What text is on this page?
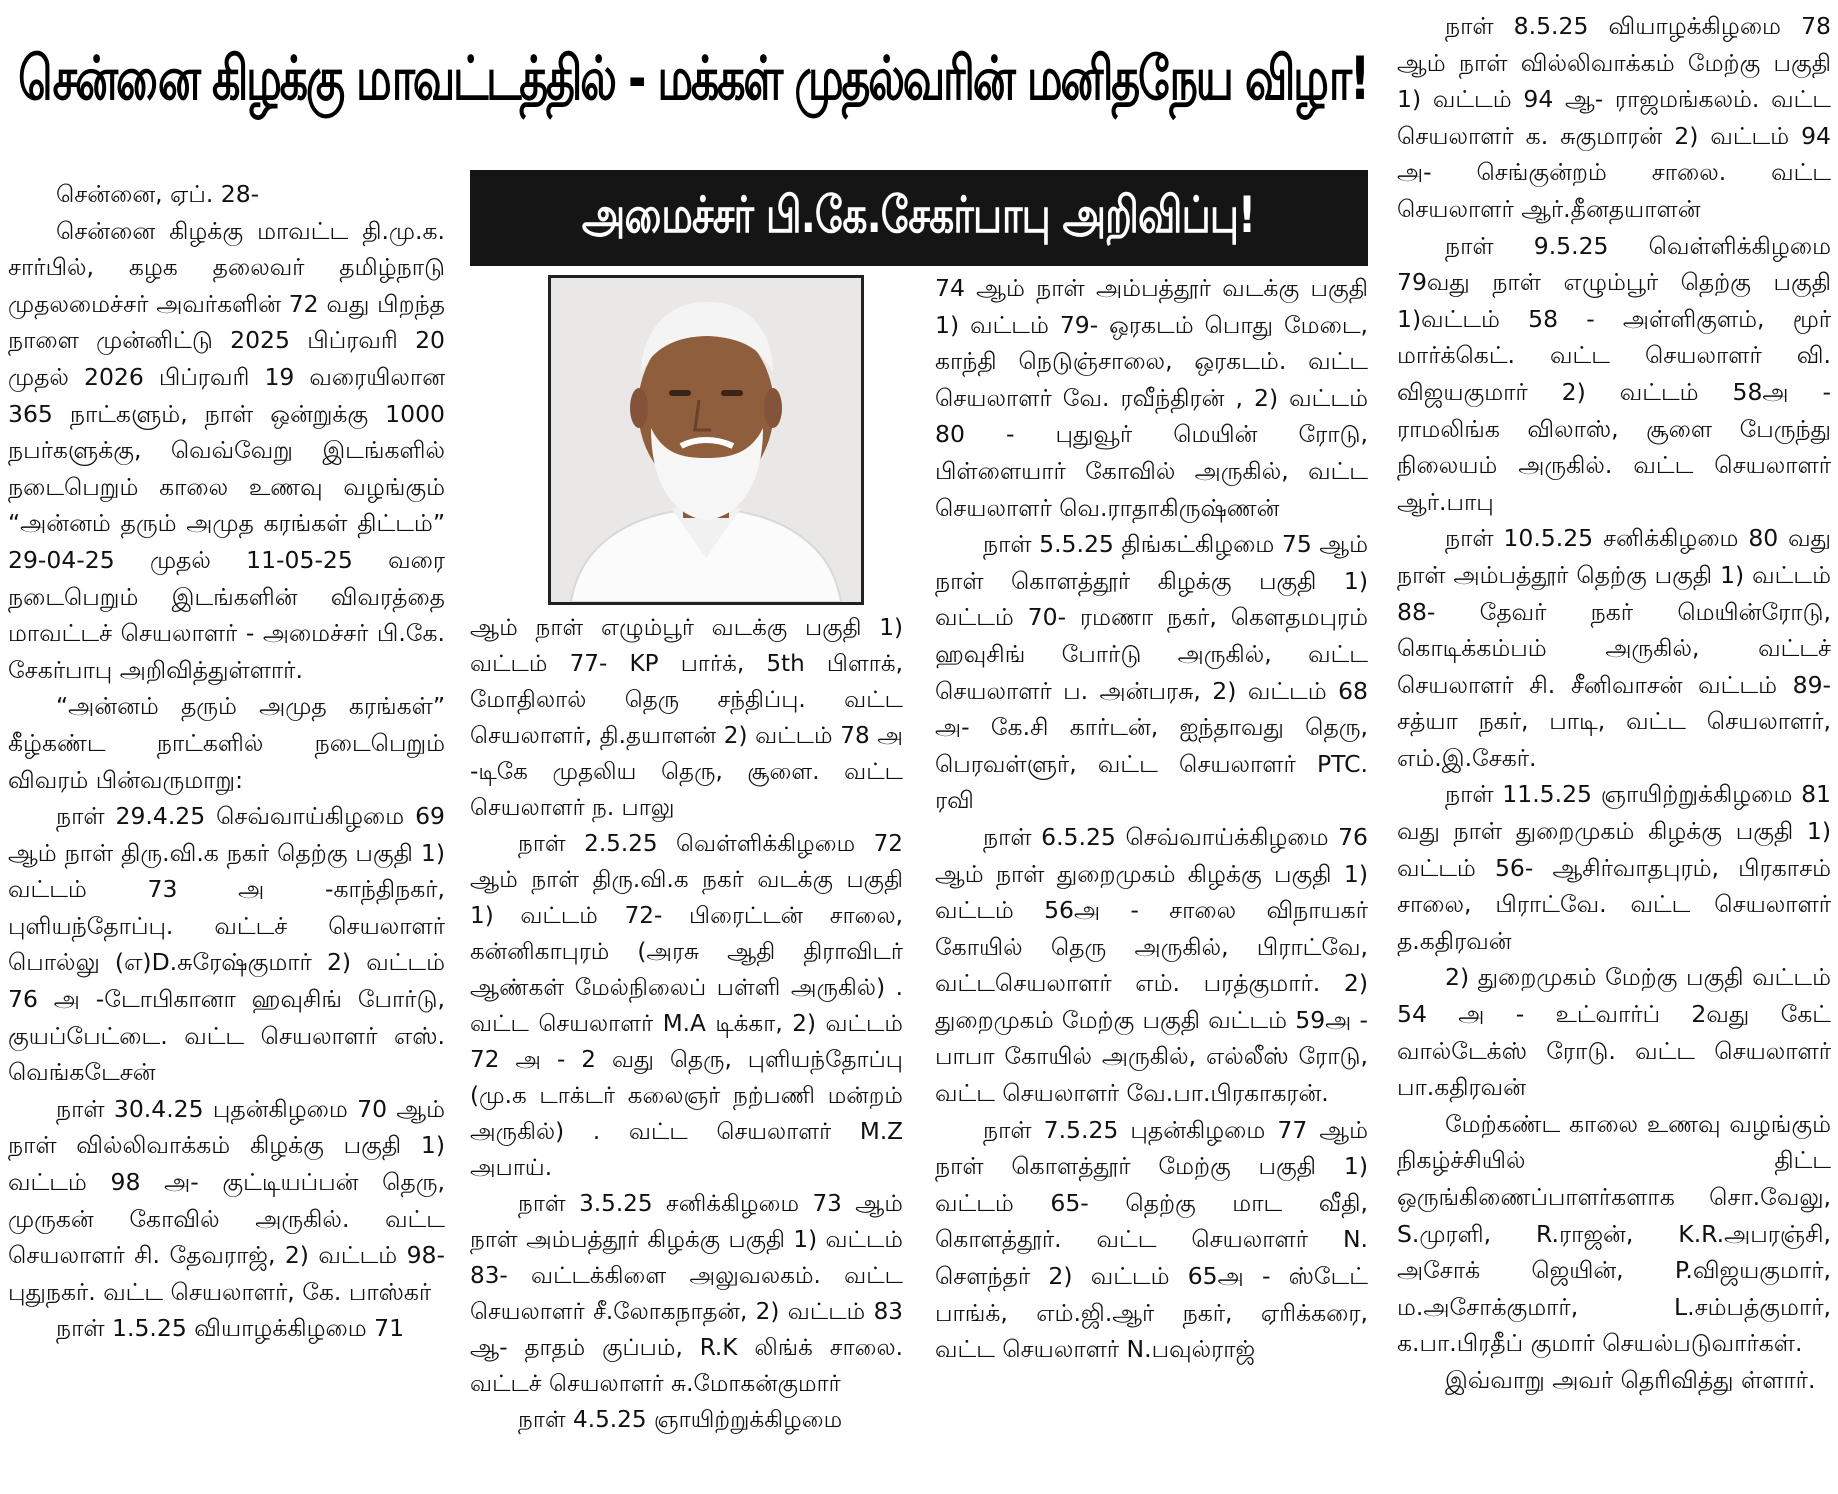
சென்னை கிழக்கு மாவட்டத்தில் - மக்கள் முதல்வரின் மனிதநேய விழா!
அமைச்சர் பி.கே.சேகர்பாபு அறிவிப்பு!

சென்னை, ஏப். 28-

சென்னை கிழக்கு மாவட்ட தி.மு.க. சார்பில், கழக தலைவர் தமிழ்நாடு முதலமைச்சர் அவர்களின் 72 வது பிறந்த நாளை முன்னிட்டு 2025 பிப்ரவரி 20 முதல் 2026 பிப்ரவரி 19 வரையிலான 365 நாட்களும், நாள் ஒன்றுக்கு 1000 நபர்களுக்கு, வெவ்வேறு இடங்களில் நடைபெறும் காலை உணவு வழங்கும் “அன்னம் தரும் அமுத கரங்கள் திட்டம்” 29-04-25 முதல் 11-05-25 வரை நடைபெறும் இடங்களின் விவரத்தை மாவட்டச் செயலாளர் - அமைச்சர் பி.கே. சேகர்பாபு அறிவித்துள்ளார்.

“அன்னம் தரும் அமுத கரங்கள்” கீழ்கண்ட நாட்களில் நடைபெறும் விவரம் பின்வருமாறு:

நாள் 29.4.25 செவ்வாய்கிழமை 69 ஆம் நாள் திரு.வி.க நகர் தெற்கு பகுதி 1) வட்டம் 73 அ -காந்திநகர், புளியந்தோப்பு. வட்டச் செயலாளர் பொல்லு (எ)D.சுரேஷ்குமார் 2) வட்டம் 76 அ -டோபிகானா ஹவுசிங் போர்டு, குயப்பேட்டை. வட்ட செயலாளர் எஸ். வெங்கடேசன்

நாள் 30.4.25 புதன்கிழமை 70 ஆம் நாள் வில்லிவாக்கம் கிழக்கு பகுதி 1) வட்டம் 98 அ- குட்டியப்பன் தெரு, முருகன் கோவில் அருகில். வட்ட செயலாளர் சி. தேவராஜ், 2) வட்டம் 98- புதுநகர். வட்ட செயலாளர், கே. பாஸ்கர்

நாள் 1.5.25 வியாழக்கிழமை 71

ஆம் நாள் எழும்பூர் வடக்கு பகுதி 1) வட்டம் 77- KP பார்க், 5th பிளாக், மோதிலால் தெரு சந்திப்பு. வட்ட செயலாளர், தி.தயாளன் 2) வட்டம் 78 அ -டிகே முதலிய தெரு, சூளை. வட்ட செயலாளர் ந. பாலு

நாள் 2.5.25 வெள்ளிக்கிழமை 72 ஆம் நாள் திரு.வி.க நகர் வடக்கு பகுதி 1) வட்டம் 72- பிரைட்டன் சாலை, கன்னிகாபுரம் (அரசு ஆதி திராவிடர் ஆண்கள் மேல்நிலைப் பள்ளி அருகில்) . வட்ட செயலாளர் M.A டிக்கா, 2) வட்டம் 72 அ - 2 வது தெரு, புளியந்தோப்பு (மு.க டாக்டர் கலைஞர் நற்பணி மன்றம் அருகில்) . வட்ட செயலாளர் M.Z அபாய்.

நாள் 3.5.25 சனிக்கிழமை 73 ஆம் நாள் அம்பத்தூர் கிழக்கு பகுதி 1) வட்டம் 83- வட்டக்கிளை அலுவலகம். வட்ட செயலாளர் சீ.லோகநாதன், 2) வட்டம் 83 ஆ- தாதம் குப்பம், R.K லிங்க் சாலை. வட்டச் செயலாளர் சு.மோகன்குமார்

நாள் 4.5.25 ஞாயிற்றுக்கிழமை

74 ஆம் நாள் அம்பத்தூர் வடக்கு பகுதி 1) வட்டம் 79- ஒரகடம் பொது மேடை, காந்தி நெடுஞ்சாலை, ஒரகடம். வட்ட செயலாளர் வே. ரவீந்திரன் , 2) வட்டம் 80 - புதுவூர் மெயின் ரோடு, பிள்ளையார் கோவில் அருகில், வட்ட செயலாளர் வெ.ராதாகிருஷ்ணன்

நாள் 5.5.25 திங்கட்கிழமை 75 ஆம் நாள் கொளத்தூர் கிழக்கு பகுதி 1) வட்டம் 70- ரமணா நகர், கௌதமபுரம் ஹவுசிங் போர்டு அருகில், வட்ட செயலாளர் ப. அன்பரசு, 2) வட்டம் 68 அ- கே.சி கார்டன், ஐந்தாவது தெரு, பெரவள்ளுர், வட்ட செயலாளர் PTC. ரவி

நாள் 6.5.25 செவ்வாய்க்கிழமை 76 ஆம் நாள் துறைமுகம் கிழக்கு பகுதி 1) வட்டம் 56அ - சாலை விநாயகர் கோயில் தெரு அருகில், பிராட்வே, வட்டசெயலாளர் எம். பரத்குமார். 2) துறைமுகம் மேற்கு பகுதி வட்டம் 59அ - பாபா கோயில் அருகில், எல்லீஸ் ரோடு, வட்ட செயலாளர் வே.பா.பிரகாகரன்.

நாள் 7.5.25 புதன்கிழமை 77 ஆம் நாள் கொளத்தூர் மேற்கு பகுதி 1) வட்டம் 65- தெற்கு மாட வீதி, கொளத்தூர். வட்ட செயலாளர் N. சௌந்தர் 2) வட்டம் 65அ - ஸ்டேட் பாங்க், எம்.ஜி.ஆர் நகர், ஏரிக்கரை, வட்ட செயலாளர் N.பவுல்ராஜ்

நாள் 8.5.25 வியாழக்கிழமை 78 ஆம் நாள் வில்லிவாக்கம் மேற்கு பகுதி 1) வட்டம் 94 ஆ- ராஜமங்கலம். வட்ட செயலாளர் க. சுகுமாரன் 2) வட்டம் 94 அ- செங்குன்றம் சாலை. வட்ட செயலாளர் ஆர்.தீனதயாளன்

நாள் 9.5.25 வெள்ளிக்கிழமை 79வது நாள் எழும்பூர் தெற்கு பகுதி 1)வட்டம் 58 - அள்ளிகுளம், மூர் மார்க்கெட். வட்ட செயலாளர் வி. விஜயகுமார் 2) வட்டம் 58அ - ராமலிங்க விலாஸ், சூளை பேருந்து நிலையம் அருகில். வட்ட செயலாளர் ஆர்.பாபு

நாள் 10.5.25 சனிக்கிழமை 80 வது நாள் அம்பத்தூர் தெற்கு பகுதி 1) வட்டம் 88- தேவர் நகர் மெயின்ரோடு, கொடிக்கம்பம் அருகில், வட்டச் செயலாளர் சி. சீனிவாசன் வட்டம் 89- சத்யா நகர், பாடி, வட்ட செயலாளர், எம்.இ.சேகர்.

நாள் 11.5.25 ஞாயிற்றுக்கிழமை 81 வது நாள் துறைமுகம் கிழக்கு பகுதி 1) வட்டம் 56- ஆசிர்வாதபுரம், பிரகாசம் சாலை, பிராட்வே. வட்ட செயலாளர் த.கதிரவன்

2) துறைமுகம் மேற்கு பகுதி வட்டம் 54 அ - உட்வார்ப் 2வது கேட் வால்டேக்ஸ் ரோடு. வட்ட செயலாளர் பா.கதிரவன்

மேற்கண்ட காலை உணவு வழங்கும் நிகழ்ச்சியில் திட்ட ஒருங்கிணைப்பாளர்களாக சொ.வேலு, S.முரளி, R.ராஜன், K.R.அபரஞ்சி, அசோக் ஜெயின், P.விஜயகுமார், ம.அசோக்குமார், L.சம்பத்குமார், க.பா.பிரதீப் குமார் செயல்படுவார்கள்.

இவ்வாறு அவர் தெரிவித்து ள்ளார்.
